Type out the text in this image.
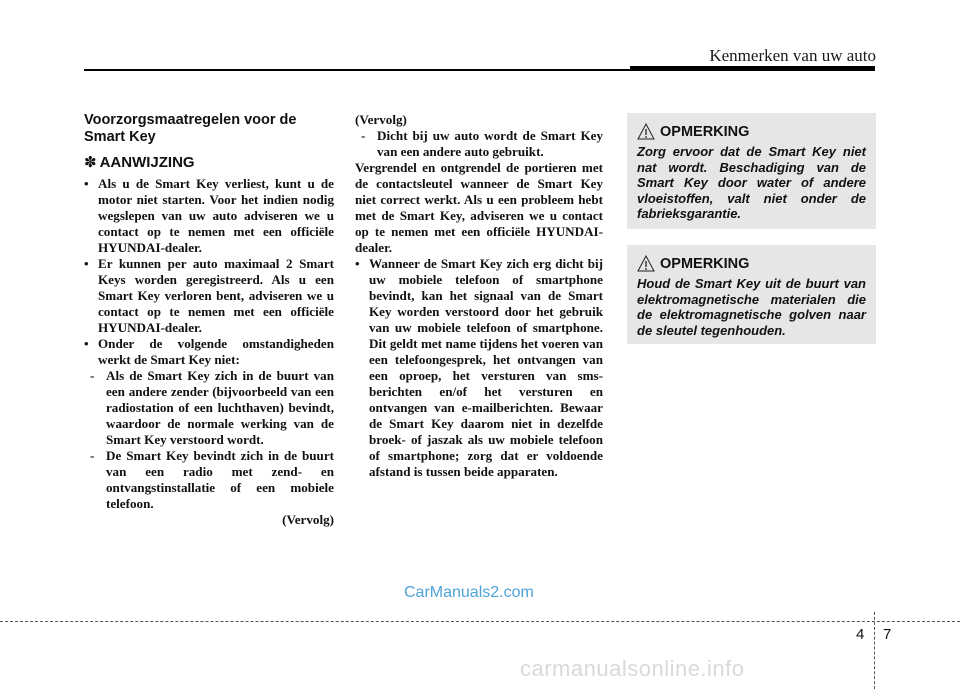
Kenmerken van uw auto
Voorzorgsmaatregelen voor de Smart Key
✽ AANWIJZING
• Als u de Smart Key verliest, kunt u de motor niet starten. Voor het indien nodig wegslepen van uw auto adviseren we u contact op te nemen met een officiële HYUNDAI-dealer.
• Er kunnen per auto maximaal 2 Smart Keys worden geregistreerd. Als u een Smart Key verloren bent, adviseren we u contact op te nemen met een officiële HYUNDAI-dealer.
• Onder de volgende omstandigheden werkt de Smart Key niet:
- Als de Smart Key zich in de buurt van een andere zender (bijvoorbeeld van een radiostation of een luchthaven) bevindt, waardoor de normale werking van de Smart Key verstoord wordt.
- De Smart Key bevindt zich in de buurt van een radio met zend- en ontvangstinstallatie of een mobiele telefoon.
(Vervolg)
(Vervolg)
- Dicht bij uw auto wordt de Smart Key van een andere auto gebruikt.
Vergrendel en ontgrendel de portieren met de contactsleutel wanneer de Smart Key niet correct werkt. Als u een probleem hebt met de Smart Key, adviseren we u contact op te nemen met een officiële HYUNDAI-dealer.
• Wanneer de Smart Key zich erg dicht bij uw mobiele telefoon of smartphone bevindt, kan het signaal van de Smart Key worden verstoord door het gebruik van uw mobiele telefoon of smartphone. Dit geldt met name tijdens het voeren van een telefoongesprek, het ontvangen van een oproep, het versturen van sms-berichten en/of het versturen en ontvangen van e-mailberichten. Bewaar de Smart Key daarom niet in dezelfde broek- of jaszak als uw mobiele telefoon of smartphone; zorg dat er voldoende afstand is tussen beide apparaten.
OPMERKING
Zorg ervoor dat de Smart Key niet nat wordt. Beschadiging van de Smart Key door water of andere vloeistoffen, valt niet onder de fabrieksgarantie.
OPMERKING
Houd de Smart Key uit de buurt van elektromagnetische materialen die de elektromagnetische golven naar de sleutel tegenhouden.
CarManuals2.com
4 7
carmanualsonline.info
